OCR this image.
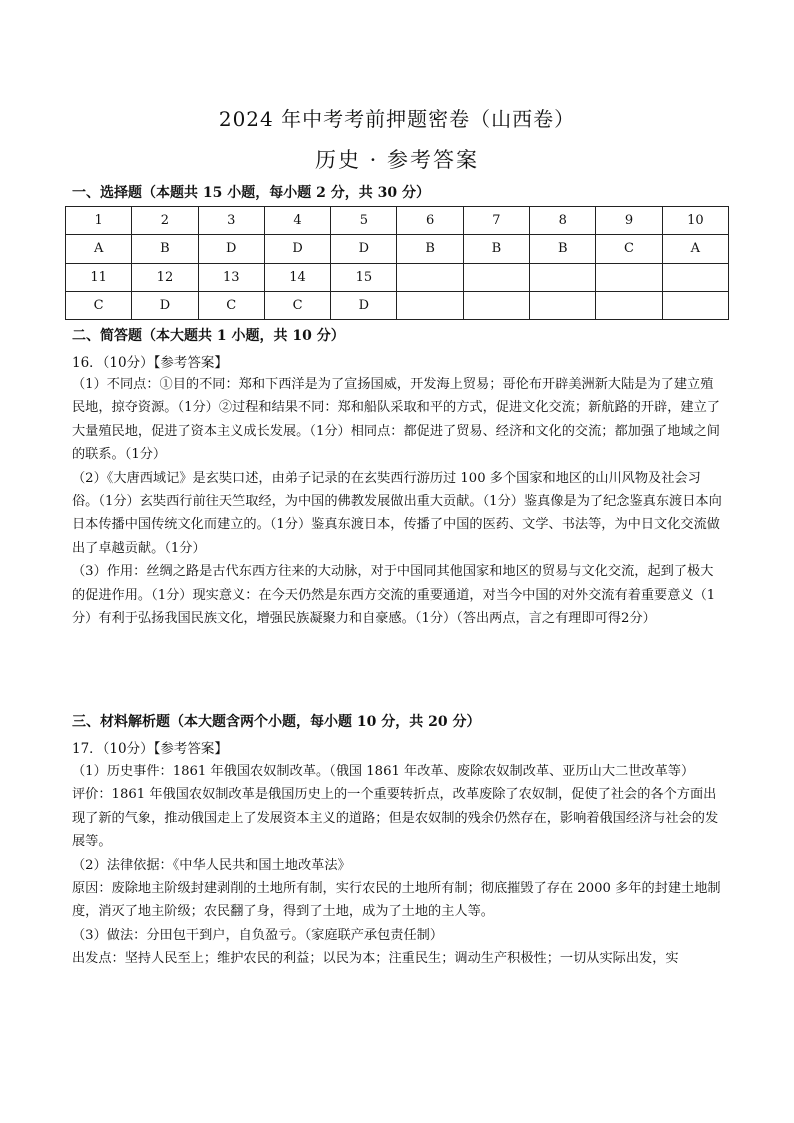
2024 年中考考前押题密卷（山西卷）
历史 · 参考答案
一、选择题（本题共 15 小题，每小题 2 分，共 30 分）
1	2	3	4	5	6	7	8	9	10
A	B	D	D	D	B	B	B	C	A
11	12	13	14	15					
C	D	C	C	D					
二、简答题（本大题共 1 小题，共 10 分）
16．（10分）【参考答案】

（1）不同点：①目的不同：郑和下西洋是为了宣扬国威，开发海上贸易；哥伦布开辟美洲新大陆是为了建立殖民地，掠夺资源。（1分）②过程和结果不同：郑和船队采取和平的方式，促进文化交流；新航路的开辟，建立了大量殖民地，促进了资本主义成长发展。（1分）相同点：都促进了贸易、经济和文化的交流；都加强了地域之间的联系。（1分）

（2）《大唐西域记》是玄奘口述，由弟子记录的在玄奘西行游历过 100 多个国家和地区的山川风物及社会习俗。（1分）玄奘西行前往天竺取经，为中国的佛教发展做出重大贡献。（1分）鉴真像是为了纪念鉴真东渡日本向日本传播中国传统文化而建立的。（1分）鉴真东渡日本，传播了中国的医药、文学、书法等，为中日文化交流做出了卓越贡献。（1分）

（3）作用：丝绸之路是古代东西方往来的大动脉，对于中国同其他国家和地区的贸易与文化交流，起到了极大的促进作用。（1分）现实意义：在今天仍然是东西方交流的重要通道，对当今中国的对外交流有着重要意义（1分）有利于弘扬我国民族文化，增强民族凝聚力和自豪感。（1分）（答出两点，言之有理即可得2分）

三、材料解析题（本大题含两个小题，每小题 10 分，共 20 分）
17．（10分）【参考答案】

（1）历史事件：1861 年俄国农奴制改革。（俄国 1861 年改革、废除农奴制改革、亚历山大二世改革等）

评价：1861 年俄国农奴制改革是俄国历史上的一个重要转折点，改革废除了农奴制，促使了社会的各个方面出现了新的气象，推动俄国走上了发展资本主义的道路；但是农奴制的残余仍然存在，影响着俄国经济与社会的发展等。

（2）法律依据：《中华人民共和国土地改革法》

原因：废除地主阶级封建剥削的土地所有制，实行农民的土地所有制；彻底摧毁了存在 2000 多年的封建土地制度，消灭了地主阶级；农民翻了身，得到了土地，成为了土地的主人等。

（3）做法：分田包干到户，自负盈亏。（家庭联产承包责任制）

出发点：坚持人民至上；维护农民的利益；以民为本；注重民生；调动生产积极性；一切从实际出发，实
